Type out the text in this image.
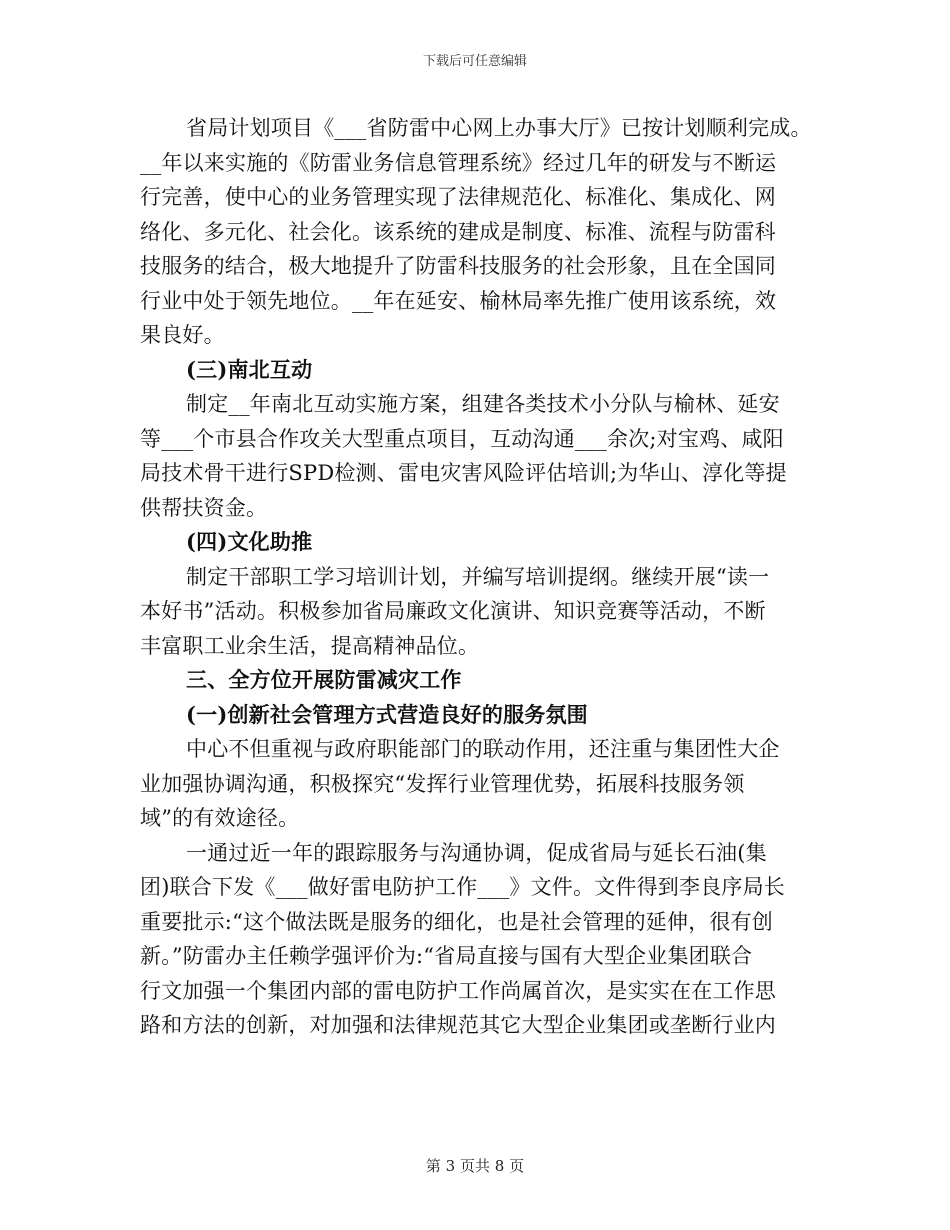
下载后可任意编辑
省局计划项目《___省防雷中心网上办事大厅》已按计划顺利完成。
__年以来实施的《防雷业务信息管理系统》经过几年的研发与不断运
行完善，使中心的业务管理实现了法律规范化、标准化、集成化、网
络化、多元化、社会化。该系统的建成是制度、标准、流程与防雷科
技服务的结合，极大地提升了防雷科技服务的社会形象，且在全国同
行业中处于领先地位。__年在延安、榆林局率先推广使用该系统，效
果良好。
(三)南北互动
制定__年南北互动实施方案，组建各类技术小分队与榆林、延安
等___个市县合作攻关大型重点项目，互动沟通___余次;对宝鸡、咸阳
局技术骨干进行SPD检测、雷电灾害风险评估培训;为华山、淳化等提
供帮扶资金。
(四)文化助推
制定干部职工学习培训计划，并编写培训提纲。继续开展“读一
本好书”活动。积极参加省局廉政文化演讲、知识竞赛等活动，不断
丰富职工业余生活，提高精神品位。
三、全方位开展防雷减灾工作
(一)创新社会管理方式营造良好的服务氛围
中心不但重视与政府职能部门的联动作用，还注重与集团性大企
业加强协调沟通，积极探究“发挥行业管理优势，拓展科技服务领
域”的有效途径。
一通过近一年的跟踪服务与沟通协调，促成省局与延长石油(集
团)联合下发《___做好雷电防护工作___》文件。文件得到李良序局长
重要批示:“这个做法既是服务的细化，也是社会管理的延伸，很有创
新。”防雷办主任赖学强评价为:“省局直接与国有大型企业集团联合
行文加强一个集团内部的雷电防护工作尚属首次，是实实在在工作思
路和方法的创新，对加强和法律规范其它大型企业集团或垄断行业内
第 3 页共 8 页
